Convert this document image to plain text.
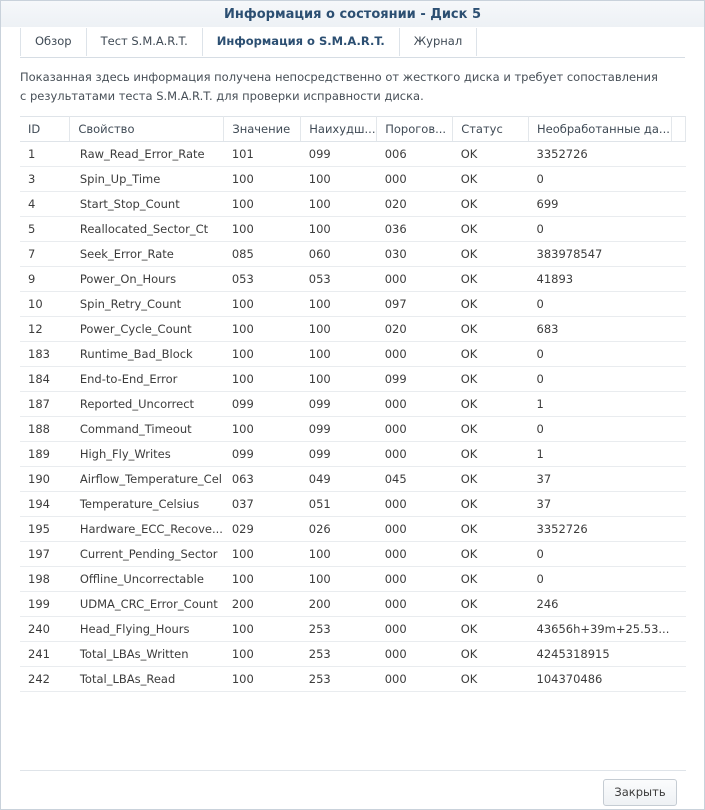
Информация о состоянии - Диск 5
Обзор	Тест S.M.A.R.T.	Информация о S.M.A.R.T.	Журнал
Показанная здесь информация получена непосредственно от жесткого диска и требует сопоставления с результатами теста S.M.A.R.T. для проверки исправности диска.
ID	Свойство	Значение	Наихудш...	Порогов...	Статус	Необработанные да...	
1	Raw_Read_Error_Rate	101	099	006	OK	3352726	
3	Spin_Up_Time	100	100	000	OK	0	
4	Start_Stop_Count	100	100	020	OK	699	
5	Reallocated_Sector_Ct	100	100	036	OK	0	
7	Seek_Error_Rate	085	060	030	OK	383978547	
9	Power_On_Hours	053	053	000	OK	41893	
10	Spin_Retry_Count	100	100	097	OK	0	
12	Power_Cycle_Count	100	100	020	OK	683	
183	Runtime_Bad_Block	100	100	000	OK	0	
184	End-to-End_Error	100	100	099	OK	0	
187	Reported_Uncorrect	099	099	000	OK	1	
188	Command_Timeout	100	099	000	OK	0	
189	High_Fly_Writes	099	099	000	OK	1	
190	Airflow_Temperature_Cel	063	049	045	OK	37	
194	Temperature_Celsius	037	051	000	OK	37	
195	Hardware_ECC_Recove...	029	026	000	OK	3352726	
197	Current_Pending_Sector	100	100	000	OK	0	
198	Offline_Uncorrectable	100	100	000	OK	0	
199	UDMA_CRC_Error_Count	200	200	000	OK	246	
240	Head_Flying_Hours	100	253	000	OK	43656h+39m+25.53...	
241	Total_LBAs_Written	100	253	000	OK	4245318915	
242	Total_LBAs_Read	100	253	000	OK	104370486	
Закрыть
